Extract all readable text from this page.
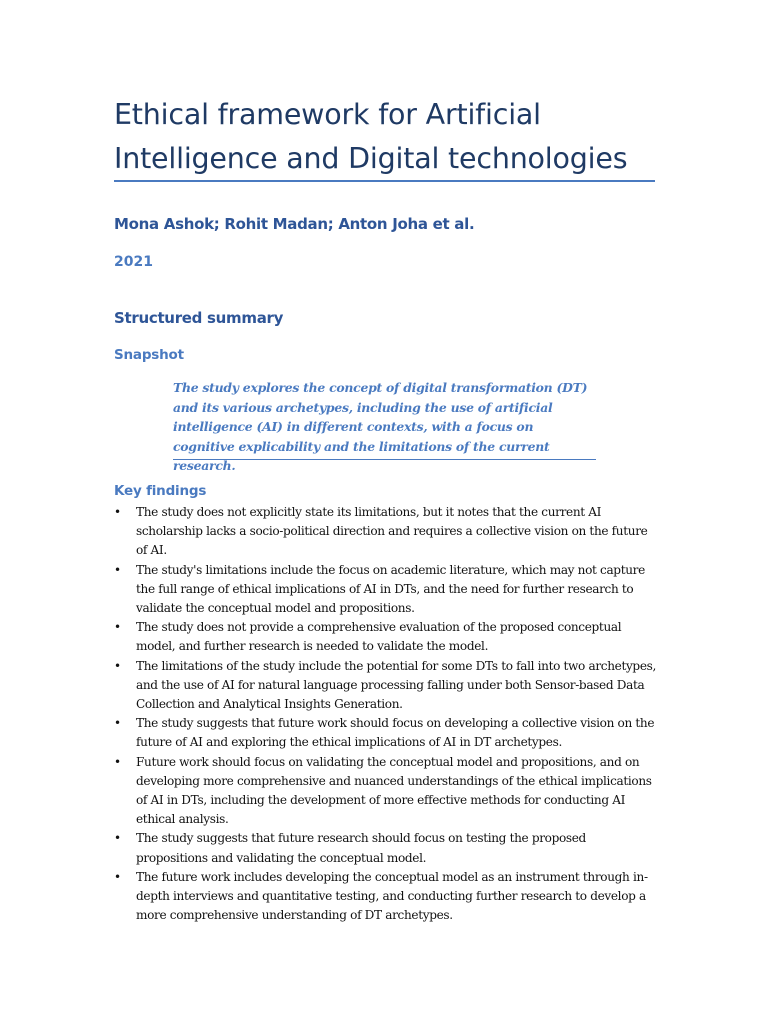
Ethical framework for Artificial Intelligence and Digital technologies

Mona Ashok; Rohit Madan; Anton Joha et al.

2021

Structured summary
Snapshot

The study explores the concept of digital transformation (DT) and its various archetypes, including the use of artificial intelligence (AI) in different contexts, with a focus on cognitive explicability and the limitations of the current research.

Key findings
• The study does not explicitly state its limitations, but it notes that the current AI scholarship lacks a socio-political direction and requires a collective vision on the future of AI.
• The study's limitations include the focus on academic literature, which may not capture the full range of ethical implications of AI in DTs, and the need for further research to validate the conceptual model and propositions.
• The study does not provide a comprehensive evaluation of the proposed conceptual model, and further research is needed to validate the model.
• The limitations of the study include the potential for some DTs to fall into two archetypes, and the use of AI for natural language processing falling under both Sensor-based Data Collection and Analytical Insights Generation.
• The study suggests that future work should focus on developing a collective vision on the future of AI and exploring the ethical implications of AI in DT archetypes.
• Future work should focus on validating the conceptual model and propositions, and on developing more comprehensive and nuanced understandings of the ethical implications of AI in DTs, including the development of more effective methods for conducting AI ethical analysis.
• The study suggests that future research should focus on testing the proposed propositions and validating the conceptual model.
• The future work includes developing the conceptual model as an instrument through in-depth interviews and quantitative testing, and conducting further research to develop a more comprehensive understanding of DT archetypes.
